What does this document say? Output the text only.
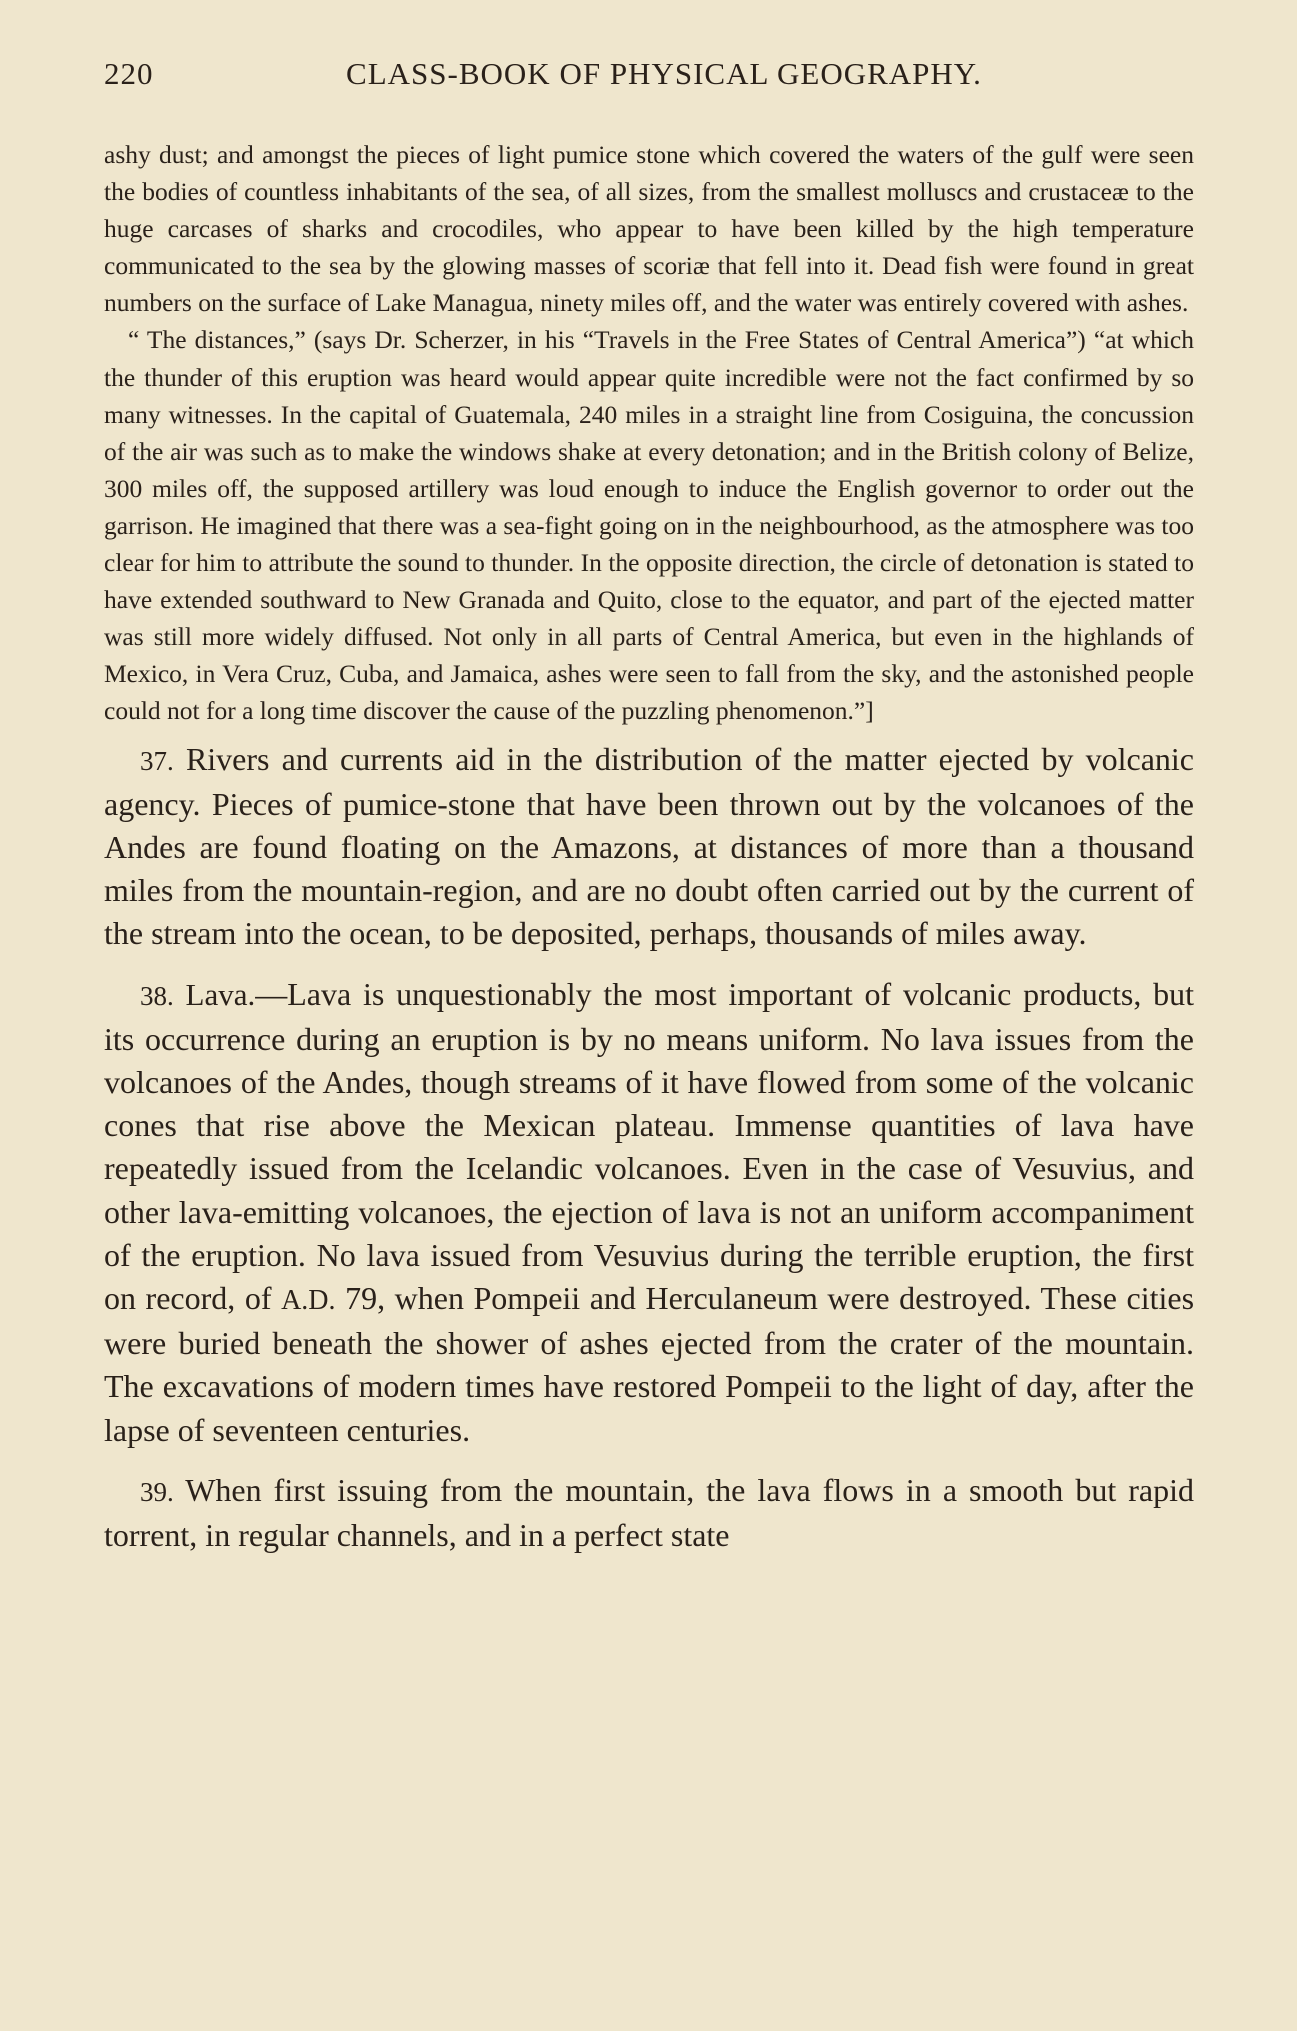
220	CLASS-BOOK OF PHYSICAL GEOGRAPHY.

ashy dust; and amongst the pieces of light pumice stone which covered the waters of the gulf were seen the bodies of countless inhabitants of the sea, of all sizes, from the smallest molluscs and crustaceæ to the huge carcases of sharks and crocodiles, who appear to have been killed by the high temperature communicated to the sea by the glowing masses of scoriæ that fell into it. Dead fish were found in great numbers on the surface of Lake Managua, ninety miles off, and the water was entirely covered with ashes.

“ The distances,” (says Dr. Scherzer, in his “Travels in the Free States of Central America”) “at which the thunder of this eruption was heard would appear quite incredible were not the fact confirmed by so many witnesses. In the capital of Guatemala, 240 miles in a straight line from Cosiguina, the concussion of the air was such as to make the windows shake at every detonation; and in the British colony of Belize, 300 miles off, the supposed artillery was loud enough to induce the English governor to order out the garrison. He imagined that there was a sea-fight going on in the neighbourhood, as the atmosphere was too clear for him to attribute the sound to thunder. In the opposite direction, the circle of detonation is stated to have extended southward to New Granada and Quito, close to the equator, and part of the ejected matter was still more widely diffused. Not only in all parts of Central America, but even in the highlands of Mexico, in Vera Cruz, Cuba, and Jamaica, ashes were seen to fall from the sky, and the astonished people could not for a long time discover the cause of the puzzling phenomenon.”]

37. Rivers and currents aid in the distribution of the matter ejected by volcanic agency. Pieces of pumice-stone that have been thrown out by the volcanoes of the Andes are found floating on the Amazons, at distances of more than a thousand miles from the mountain-region, and are no doubt often carried out by the current of the stream into the ocean, to be deposited, perhaps, thousands of miles away.

38. Lava.—Lava is unquestionably the most important of volcanic products, but its occurrence during an eruption is by no means uniform. No lava issues from the volcanoes of the Andes, though streams of it have flowed from some of the volcanic cones that rise above the Mexican plateau. Immense quantities of lava have repeatedly issued from the Icelandic volcanoes. Even in the case of Vesuvius, and other lava-emitting volcanoes, the ejection of lava is not an uniform accompaniment of the eruption. No lava issued from Vesuvius during the terrible eruption, the first on record, of A.D. 79, when Pompeii and Herculaneum were destroyed. These cities were buried beneath the shower of ashes ejected from the crater of the mountain. The excavations of modern times have restored Pompeii to the light of day, after the lapse of seventeen centuries.

39. When first issuing from the mountain, the lava flows in a smooth but rapid torrent, in regular channels, and in a perfect state
